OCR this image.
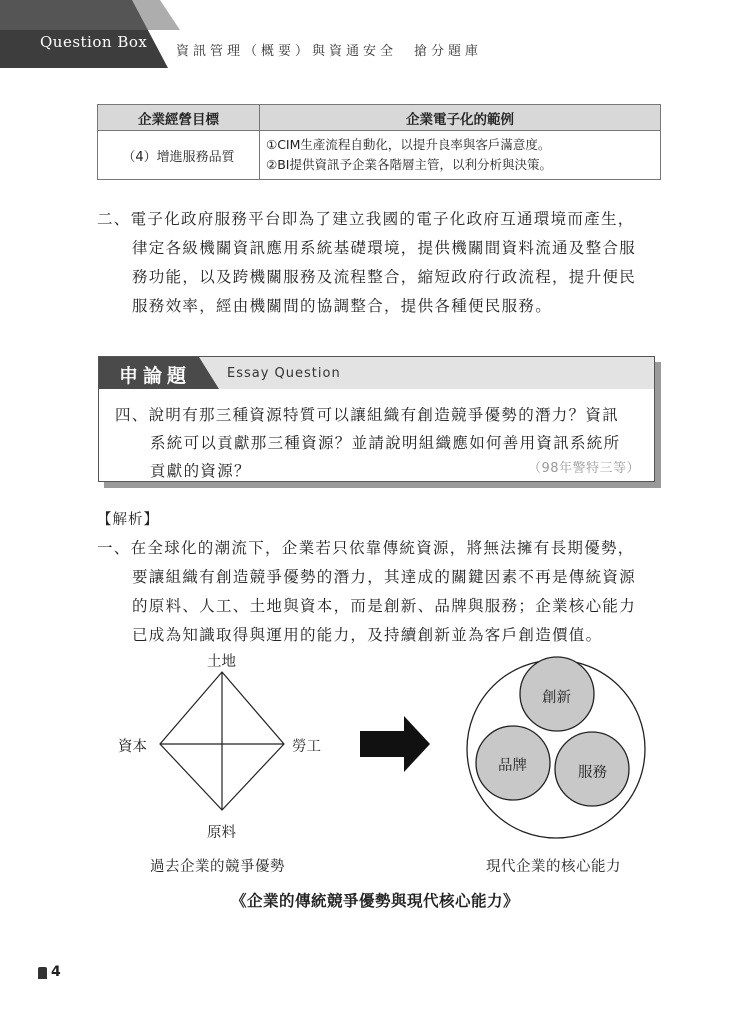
Question Box
資訊管理（概要）與資通安全　搶分題庫
企業經營目標	企業電子化的範例
（4）增進服務品質	①CIM生產流程自動化，以提升良率與客戶滿意度。
②BI提供資訊予企業各階層主管，以利分析與決策。
二、電子化政府服務平台即為了建立我國的電子化政府互通環境而產生，
律定各級機關資訊應用系統基礎環境，提供機關間資料流通及整合服
務功能，以及跨機關服務及流程整合，縮短政府行政流程，提升便民
服務效率，經由機關間的協調整合，提供各種便民服務。
申論題	Essay Question
四、說明有那三種資源特質可以讓組織有創造競爭優勢的潛力？資訊
系統可以貢獻那三種資源？並請說明組織應如何善用資訊系統所
貢獻的資源？	（98年警特三等）
【解析】
一、在全球化的潮流下，企業若只依靠傳統資源，將無法擁有長期優勢，
要讓組織有創造競爭優勢的潛力，其達成的關鍵因素不再是傳統資源
的原料、人工、土地與資本，而是創新、品牌與服務；企業核心能力
已成為知識取得與運用的能力，及持續創新並為客戶創造價值。
土地
資本	勞工
原料
創新
品牌	服務
過去企業的競爭優勢	現代企業的核心能力
《企業的傳統競爭優勢與現代核心能力》
4
